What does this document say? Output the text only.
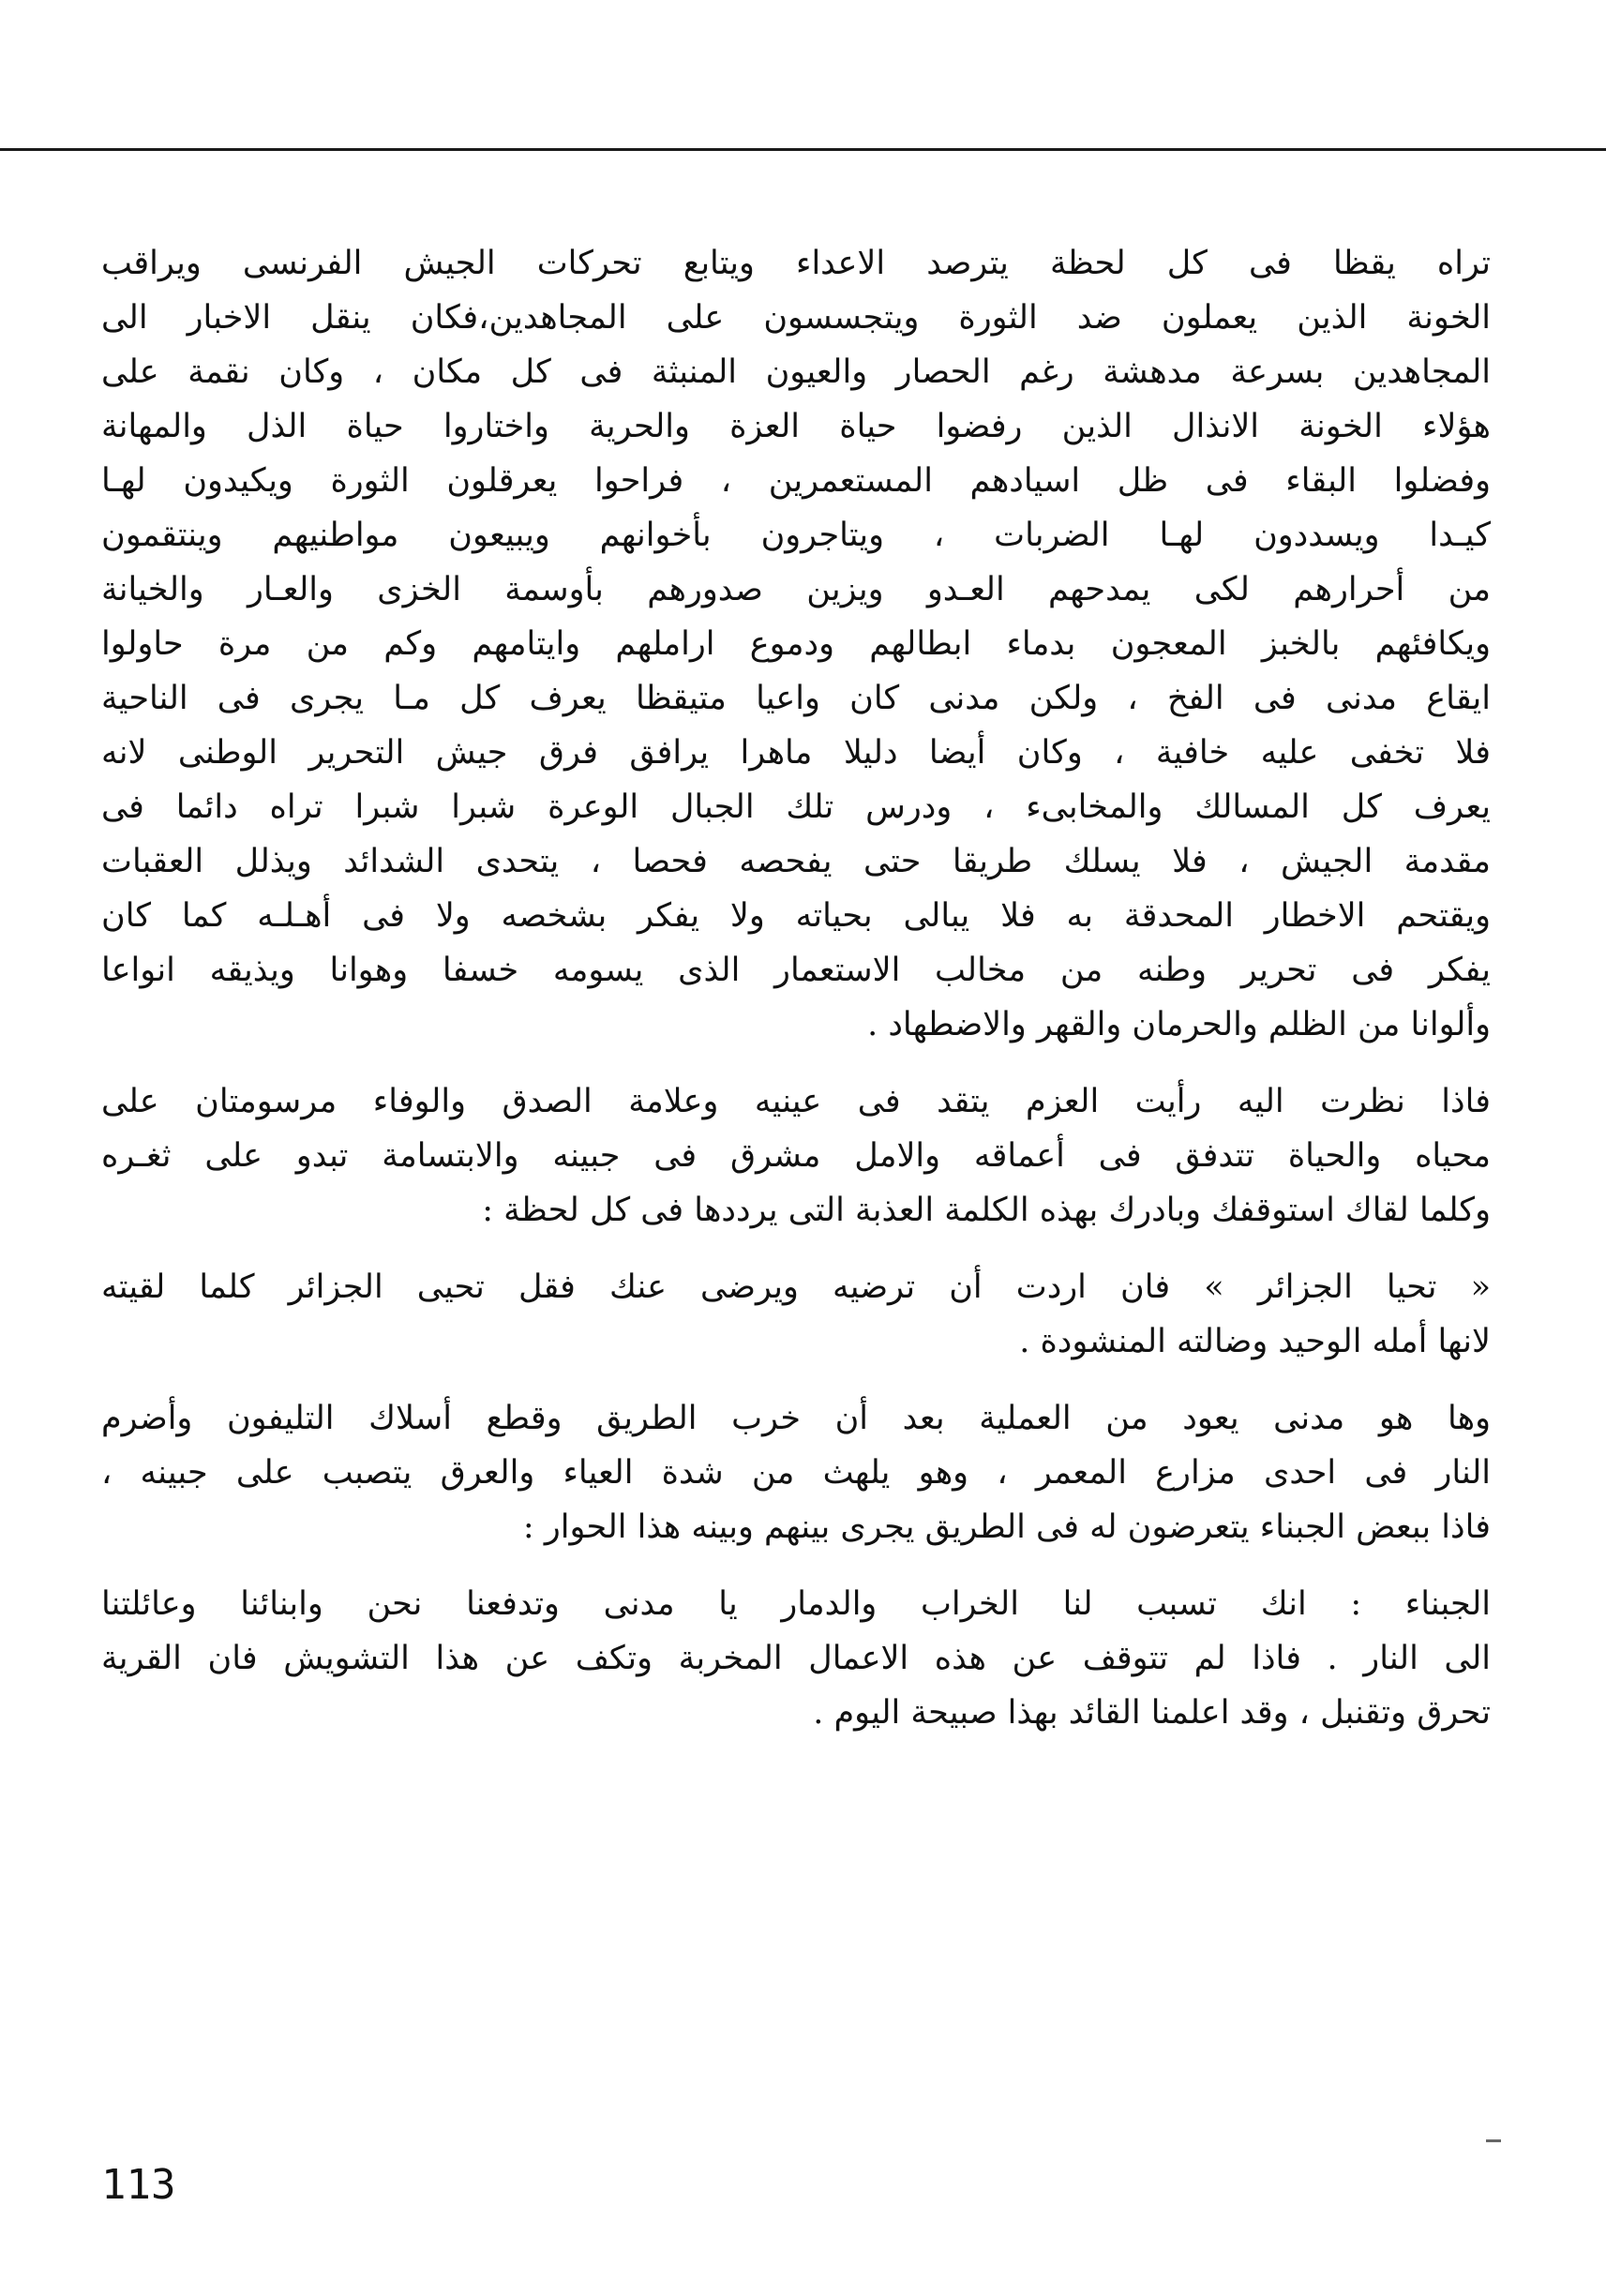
تراه يقظا فى كل لحظة يترصد الاعداء ويتابع تحركات الجيش الفرنسى ويراقب
الخونة الذين يعملون ضد الثورة ويتجسسون على المجاهدين،فكان ينقل الاخبار الى
المجاهدين بسرعة مدهشة رغم الحصار والعيون المنبثة فى كل مكان ، وكان نقمة على
هؤلاء الخونة الانذال الذين رفضوا حياة العزة والحرية واختاروا حياة الذل والمهانة
وفضلوا البقاء فى ظل اسيادهم المستعمرين ، فراحوا يعرقلون الثورة ويكيدون لهـا
كيـدا ويسددون لهـا الضربات ، ويتاجرون بأخوانهم ويبيعون مواطنيهم وينتقمون
من أحرارهم لكى يمدحهم العـدو ويزين صدورهم بأوسمة الخزى والعـار والخيانة
ويكافئهم بالخبز المعجون بدماء ابطالهم ودموع اراملهم وايتامهم وكم من مرة حاولوا
ايقاع مدنى فى الفخ ، ولكن مدنى كان واعيا متيقظا يعرف كل مـا يجرى فى الناحية
فلا تخفى عليه خافية ، وكان أيضا دليلا ماهرا يرافق فرق جيش التحرير الوطنى لانه
يعرف كل المسالك والمخابىء ، ودرس تلك الجبال الوعرة شبرا شبرا تراه دائما فى
مقدمة الجيش ، فلا يسلك طريقا حتى يفحصه فحصا ، يتحدى الشدائد ويذلل العقبات
ويقتحم الاخطار المحدقة به فلا يبالى بحياته ولا يفكر بشخصه ولا فى أهـلـه كما كان
يفكر فى تحرير وطنه من مخالب الاستعمار الذى يسومه خسفا وهوانا ويذيقه انواعا
وألوانا من الظلم والحرمان والقهر والاضطهاد .
فاذا نظرت اليه رأيت العزم يتقد فى عينيه وعلامة الصدق والوفاء مرسومتان على
محياه والحياة تتدفق فى أعماقه والامل مشرق فى جبينه والابتسامة تبدو على ثغـره
وكلما لقاك استوقفك وبادرك بهذه الكلمة العذبة التى يرددها فى كل لحظة :
« تحيا الجزائر » فان اردت أن ترضيه ويرضى عنك فقل تحيى الجزائر كلما لقيته
لانها أمله الوحيد وضالته المنشودة .
وها هو مدنى يعود من العملية بعد أن خرب الطريق وقطع أسلاك التليفون وأضرم
النار فى احدى مزارع المعمر ، وهو يلهث من شدة العياء والعرق يتصبب على جبينه ،
فاذا ببعض الجبناء يتعرضون له فى الطريق يجرى بينهم وبينه هذا الحوار :
الجبناء : انك تسبب لنا الخراب والدمار يا مدنى وتدفعنا نحن وابنائنا وعائلتنا
الى النار . فاذا لم تتوقف عن هذه الاعمال المخربة وتكف عن هذا التشويش فان القرية
تحرق وتقنبل ، وقد اعلمنا القائد بهذا صبيحة اليوم .
113
